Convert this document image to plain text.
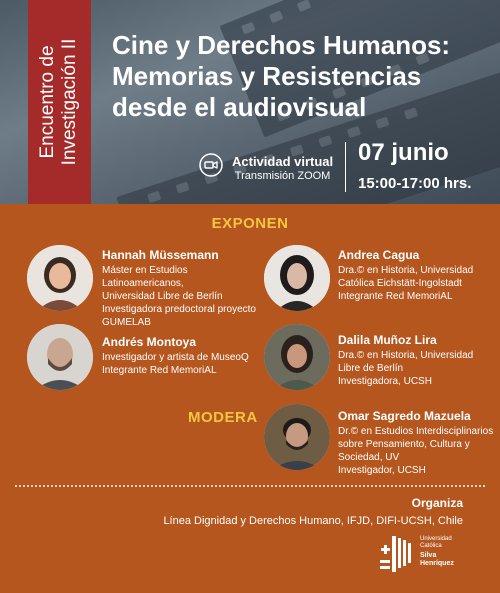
Encuentro de Investigación II Cine y Derechos Humanos:
Memorias y Resistencias
desde el audiovisual
Actividad virtual
Transmisión ZOOM
07 junio
15:00-17:00 hrs.
EXPONEN
MODERA
Hannah Müssemann
Máster en Estudios Latinoamericanos,
Universidad Libre de Berlín
Investigadora predoctoral proyecto
GUMELAB
Andrea Cagua
Dra.© en Historia, Universidad
Católica Eichstätt-Ingolstadt
Integrante Red MemoriAL
Andrés Montoya
Investigador y artista de MuseoQ
Integrante Red MemoriAL
Dalila Muñoz Lira
Dra.© en Historia, Universidad
Libre de Berlín
Investigadora, UCSH
Omar Sagredo Mazuela
Dr.© en Estudios Interdisciplinarios
sobre Pensamiento, Cultura y
Sociedad, UV
Investigador, UCSH
Organiza
Línea Dignidad y Derechos Humano, IFJD, DIFI-UCSH, Chile
Universidad
Católica
Silva
Henríquez
